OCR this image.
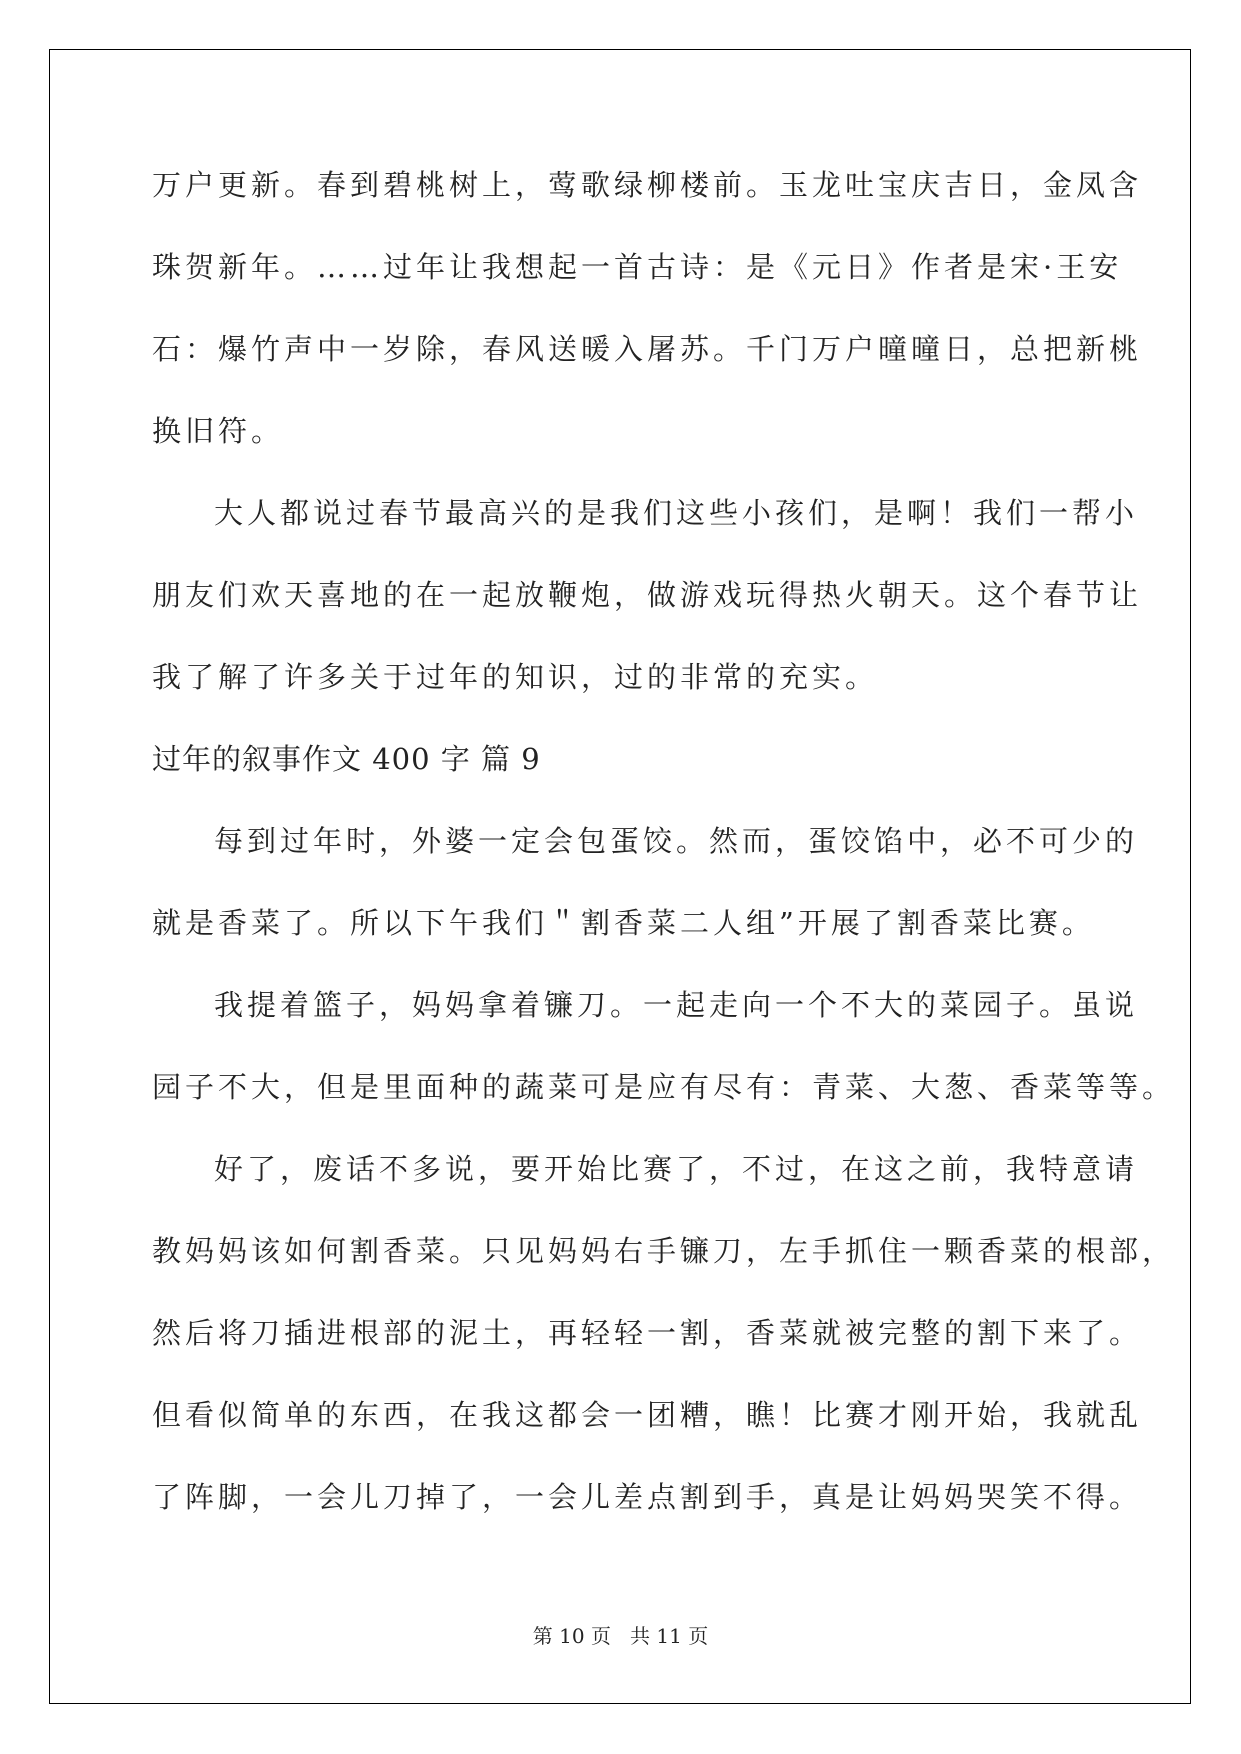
万户更新。春到碧桃树上，莺歌绿柳楼前。玉龙吐宝庆吉日，金凤含
珠贺新年。……过年让我想起一首古诗：是《元日》作者是宋·王安
石：爆竹声中一岁除，春风送暖入屠苏。千门万户曈曈日，总把新桃
换旧符。
大人都说过春节最高兴的是我们这些小孩们，是啊！我们一帮小
朋友们欢天喜地的在一起放鞭炮，做游戏玩得热火朝天。这个春节让
我了解了许多关于过年的知识，过的非常的充实。
过年的叙事作文 400 字 篇 9
每到过年时，外婆一定会包蛋饺。然而，蛋饺馅中，必不可少的
就是香菜了。所以下午我们＂割香菜二人组”开展了割香菜比赛。
我提着篮子，妈妈拿着镰刀。一起走向一个不大的菜园子。虽说
园子不大，但是里面种的蔬菜可是应有尽有：青菜、大葱、香菜等等。
好了，废话不多说，要开始比赛了，不过，在这之前，我特意请
教妈妈该如何割香菜。只见妈妈右手镰刀，左手抓住一颗香菜的根部，
然后将刀插进根部的泥土，再轻轻一割，香菜就被完整的割下来了。
但看似简单的东西，在我这都会一团糟，瞧！比赛才刚开始，我就乱
了阵脚，一会儿刀掉了，一会儿差点割到手，真是让妈妈哭笑不得。
第 10 页   共 11 页
